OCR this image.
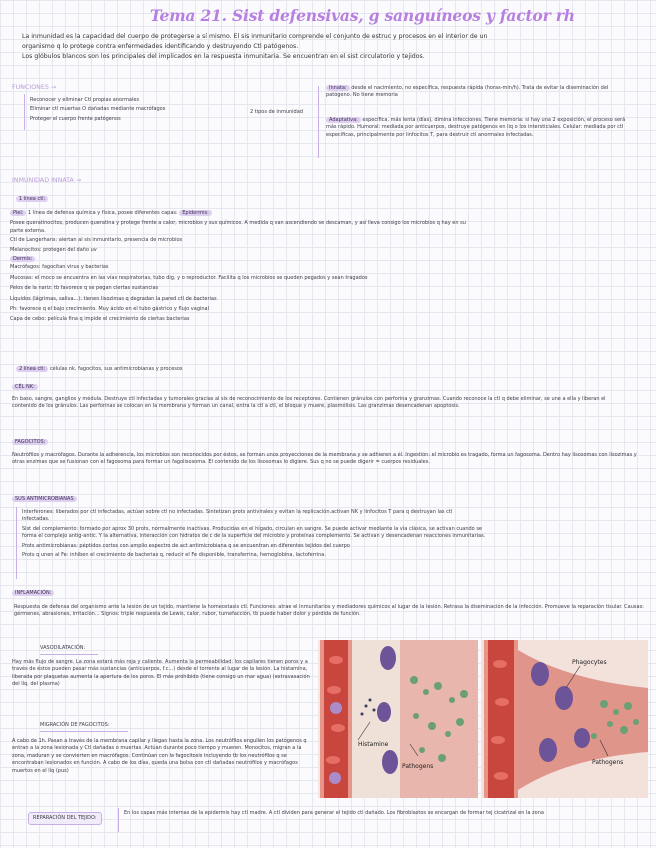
Tema 21. Sist defensivas, g sanguíneos y factor rh
La inmunidad es la capacidad del cuerpo de protegerse a sí mismo. El sis inmunitario comprende el conjunto de estruc y procesos en el interior de un
organismo q lo protege contra enfermedades identificando y destruyendo Ctl patógenos.
Los glóbulos blancos son los principales del implicados en la respuesta inmunitaria. Se encuentran en el sist circulatorio y tejidos.
FUNCIONES →
Reconocer y eliminar Ctl propias anormales
Eliminar ctl muertas O dañadas mediante macrófagos
Proteger el cuerpo frente patógenos
2 tipos de inmunidad
Innata: desde el nacimiento, no específica, respuesta rápida (horas-min/h). Trata de evitar la diseminación del patógeno. No tiene memoria
Adaptativa: específica, más lenta (días), dimina infecciones. Tiene memoria: si hay una 2 exposición, el proceso será más rápido. Humoral: mediada por anticuerpos, destruye patógenos en liq o los intersticiales. Celular: mediada por ctl específicas, principalmente por linfocitos T, para destruir ctl anormales infectadas.
INMUNIDAD INNATA →
1 línea ctl:
Piel: 1 línea de defensa química y física, posee diferentes capas: Epidermis:
Posee queratinocitos, producen queratina y protege frente a calor, microbios y sus químicos. A medida q van ascendiendo se descaman, y así lleva consigo los microbios q hay en su
parte externa.
Ctl de Langerhans: alertan al sis inmunitario, presencia de microbios
Melanocitos: protegen del daño uv
Dermis:
Macrófagos: fagocitan virus y bacterias
Mucosas: el moco se encuentra en las vías respiratorias, tubo dig, y o reproductor. Facilita q los microbios se queden pegados y sean tragados
Pelos de la nariz: tb favorece q se pegan ciertas sustancias
Líquidos (lágrimas, saliva...): tienen lisozimas q degradan la pared ctl de bacterias
Ph: favorece q el bajo crecimiento. Muy ácido en el tubo gástrico y flujo vaginal
Capa de cebo: película fina q impide el crecimiento de ciertas bacterias
2 línea ctl: células nk, fagocitos, sus antimicrobianas y procesos
CÉL NK:
En baso, sangre, ganglios y médula. Destruye ctl infectadas y tumorales gracias al sis de reconocimiento de los receptores. Contienen gránulos con perforina y granzimas. Cuando reconoce la ctl q debe eliminar, se une a ella y liberan el contenido de los gránulos. Las perforinas se colocan en la membrana y forman un canal, entra la ctl a ctl, el bloque y muere, plasmólisis. Las granzimas desencadenan apoptosis.
FAGOCITOS:
Neutrófilos y macrófagos. Durante la adherencia, los microbios son reconocidos por éstos, se forman unos proyecciones de la membrana y se adhieren a él. Ingestión: el microbio es tragado, forma un fagosoma. Dentro hay lisosomas con lisozimas y otras enzimas que se fusionan con el fagosoma para formar un fagolisosoma. El contenido de los lisosomas lo digiere. Sus q no se puede digerir = cuerpos residuales.
SUS ANTIMICROBIANAS
Interferones: liberados por ctl infectadas, actúan sobre ctl no infectadas. Sintetizan prots antivirales y evitan la replicación.activan NK y linfocitos T para q destruyan las ctl
infectadas.
Sist del complemento: formado por aprox 30 prots, normalmente inactivas. Producidas en el hígado, circulan en sangre. Se puede activar mediante la vía clásica, se activan cuando se
forma el complejo antig-antic. Y la alternativa, interacción con hidratos de c de la superficie del microbio y proteínas complemento. Se activan y desencadenan reacciones inmunitarias.
Prots antimicrobianas: péptidos cortos con amplio espectro de act antimicrobiana q se encuentran en diferentes tejidos del cuerpo
Prots q unen al Fe: inhiben el crecimiento de bacterias q, reducir el Fe disponible, transferrina, hemoglobina, lactoferrina.
INFLAMACIÓN:
Respuesta de defensa del organismo ante la lesión de un tejido, mantiene la homeostasis ctl. Funciones: atrae el inmunitarios y mediadores químicos al lugar de la lesión. Retrasa la diseminación de la infección. Promueve la reparación tisular. Causas: gérmenes, abrasiones, irritación... Signos: triple respuesta de Lewis, calor, rubor, tumefacción, tb puede haber dolor y pérdida de función.
VASODILATACIÓN:
Hay más flujo de sangre. La zona estará más roja y caliente. Aumenta la permeabilidad: los capilares tienen poros y a través de éstos pueden pasar más sustancias (anticuerpos, f.c...) desde el torrente al lugar de la lesión. La histamina, liberada por plaquetas aumenta la apertura de los poros. El más prohibido (tiene consigo un mar agua) (extravasación del líq. del plasma)
MIGRACIÓN DE FAGOCITOS:
A cabo de 1h. Pasan a través de la membrana capilar y llegan hasta la zona. Los neutrófilos engullen los patógenos q entran a la zona lesionada y Ctl dañadas o muertas. Actúan durante poco tiempo y mueren. Monocitos, migran a la zona, maduran y se convierten en macrófagos. Continúan con la fagocitosis incluyendo tb los neutrófilos q se encontraban lesionados en función. A cabo de los días, queda una bolsa con ctl dañadas neutrófilos y macrófagos muertos en el líq (pus)
REPARACIÓN DEL TEJIDO:
En los capas más internas de la epidermis hay ctl madre. A ctl dividen para generar el tejido ctl dañado. Los fibroblastos se encargan de formar tej cicatrizal en la zona
Histamine
Pathogens
Phagocytes
Pathogens
